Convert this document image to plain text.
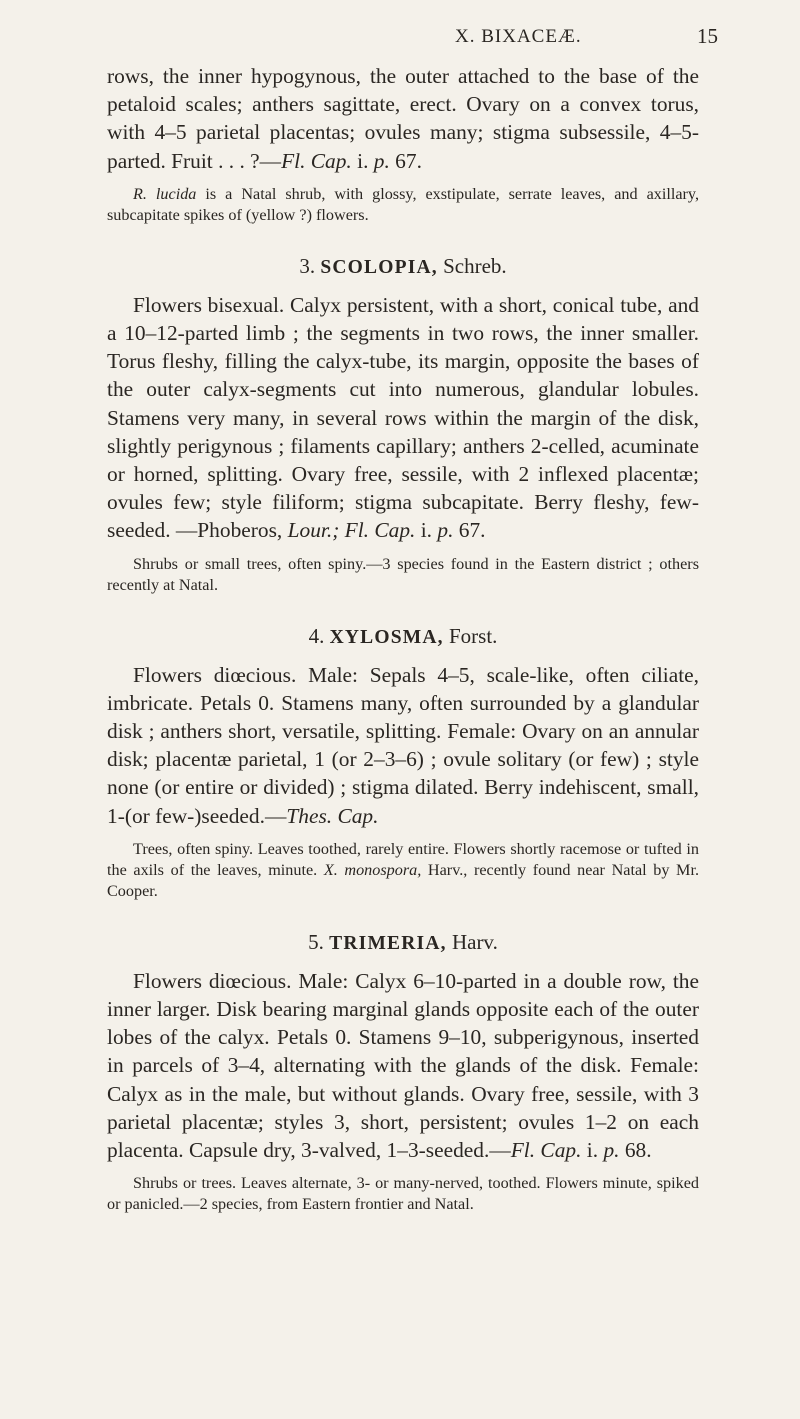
X. BIXACEÆ.	15

rows, the inner hypogynous, the outer attached to the base of the petaloid scales; anthers sagittate, erect. Ovary on a convex torus, with 4–5 parietal placentas; ovules many; stigma subsessile, 4–5-parted. Fruit . . . ?—Fl. Cap. i. p. 67.

R. lucida is a Natal shrub, with glossy, exstipulate, serrate leaves, and axillary, subcapitate spikes of (yellow ?) flowers.

3. SCOLOPIA, Schreb.

Flowers bisexual. Calyx persistent, with a short, conical tube, and a 10–12-parted limb ; the segments in two rows, the inner smaller. Torus fleshy, filling the calyx-tube, its margin, opposite the bases of the outer calyx-segments cut into numerous, glandular lobules. Stamens very many, in several rows within the margin of the disk, slightly perigynous ; filaments capillary; anthers 2-celled, acuminate or horned, splitting. Ovary free, sessile, with 2 inflexed placentæ; ovules few; style filiform; stigma subcapitate. Berry fleshy, few-seeded. —Phoberos, Lour.; Fl. Cap. i. p. 67.

Shrubs or small trees, often spiny.—3 species found in the Eastern district ; others recently at Natal.

4. XYLOSMA, Forst.

Flowers diœcious. Male: Sepals 4–5, scale-like, often ciliate, imbricate. Petals 0. Stamens many, often surrounded by a glandular disk ; anthers short, versatile, splitting. Female: Ovary on an annular disk; placentæ parietal, 1 (or 2–3–6) ; ovule solitary (or few) ; style none (or entire or divided) ; stigma dilated. Berry indehiscent, small, 1-(or few-)seeded.—Thes. Cap.

Trees, often spiny. Leaves toothed, rarely entire. Flowers shortly racemose or tufted in the axils of the leaves, minute. X. monospora, Harv., recently found near Natal by Mr. Cooper.

5. TRIMERIA, Harv.

Flowers diœcious. Male: Calyx 6–10-parted in a double row, the inner larger. Disk bearing marginal glands opposite each of the outer lobes of the calyx. Petals 0. Stamens 9–10, subperigynous, inserted in parcels of 3–4, alternating with the glands of the disk. Female: Calyx as in the male, but without glands. Ovary free, sessile, with 3 parietal placentæ; styles 3, short, persistent; ovules 1–2 on each placenta. Capsule dry, 3-valved, 1–3-seeded.—Fl. Cap. i. p. 68.

Shrubs or trees. Leaves alternate, 3- or many-nerved, toothed. Flowers minute, spiked or panicled.—2 species, from Eastern frontier and Natal.
